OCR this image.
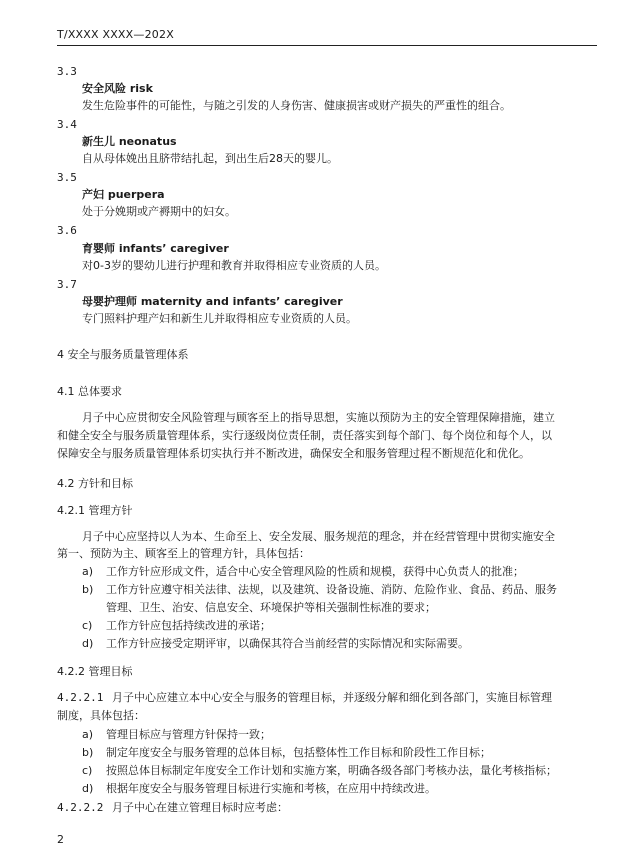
T/XXXX XXXX—202X
3.3
安全风险 risk
发生危险事件的可能性，与随之引发的人身伤害、健康损害或财产损失的严重性的组合。
3.4
新生儿 neonatus
自从母体娩出且脐带结扎起，到出生后28天的婴儿。
3.5
产妇 puerpera
处于分娩期或产褥期中的妇女。
3.6
育婴师 infants’ caregiver
对0-3岁的婴幼儿进行护理和教育并取得相应专业资质的人员。
3.7
母婴护理师 maternity and infants’ caregiver
专门照料护理产妇和新生儿并取得相应专业资质的人员。
4 安全与服务质量管理体系
4.1 总体要求
月子中心应贯彻安全风险管理与顾客至上的指导思想，实施以预防为主的安全管理保障措施，建立
和健全安全与服务质量管理体系，实行逐级岗位责任制，责任落实到每个部门、每个岗位和每个人，以
保障安全与服务质量管理体系切实执行并不断改进，确保安全和服务管理过程不断规范化和优化。
4.2 方针和目标
4.2.1 管理方针
月子中心应坚持以人为本、生命至上、安全发展、服务规范的理念，并在经营管理中贯彻实施安全
第一、预防为主、顾客至上的管理方针，具体包括：
a) 工作方针应形成文件，适合中心安全管理风险的性质和规模，获得中心负责人的批准；
b) 工作方针应遵守相关法律、法规，以及建筑、设备设施、消防、危险作业、食品、药品、服务
管理、卫生、治安、信息安全、环境保护等相关强制性标准的要求；
c) 工作方针应包括持续改进的承诺；
d) 工作方针应接受定期评审，以确保其符合当前经营的实际情况和实际需要。
4.2.2 管理目标
4.2.2.1 月子中心应建立本中心安全与服务的管理目标，并逐级分解和细化到各部门，实施目标管理
制度，具体包括：
a) 管理目标应与管理方针保持一致；
b) 制定年度安全与服务管理的总体目标，包括整体性工作目标和阶段性工作目标；
c) 按照总体目标制定年度安全工作计划和实施方案，明确各级各部门考核办法，量化考核指标；
d) 根据年度安全与服务管理目标进行实施和考核，在应用中持续改进。
4.2.2.2 月子中心在建立管理目标时应考虑：
2
